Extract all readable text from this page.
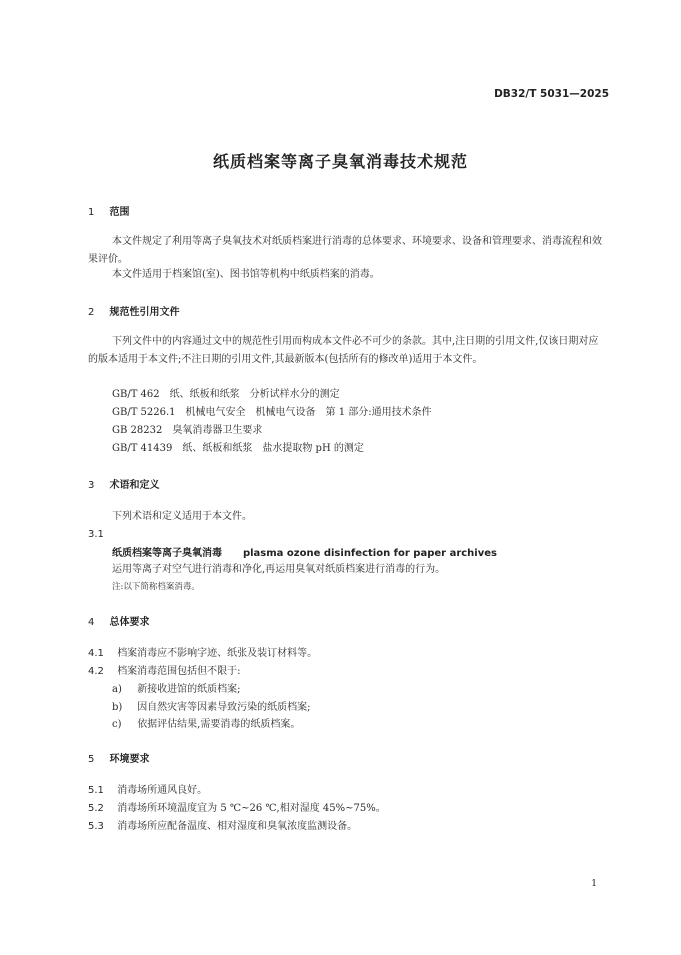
DB32/T 5031—2025
纸质档案等离子臭氧消毒技术规范
1 范围
本文件规定了利用等离子臭氧技术对纸质档案进行消毒的总体要求、环境要求、设备和管理要求、消毒流程和效果评价。
本文件适用于档案馆(室)、图书馆等机构中纸质档案的消毒。
2 规范性引用文件
下列文件中的内容通过文中的规范性引用而构成本文件必不可少的条款。其中,注日期的引用文件,仅该日期对应的版本适用于本文件;不注日期的引用文件,其最新版本(包括所有的修改单)适用于本文件。
GB/T 462　纸、纸板和纸浆　分析试样水分的测定
GB/T 5226.1　机械电气安全　机械电气设备　第 1 部分:通用技术条件
GB 28232　臭氧消毒器卫生要求
GB/T 41439　纸、纸板和纸浆　盐水提取物 pH 的测定
3 术语和定义
下列术语和定义适用于本文件。
3.1
纸质档案等离子臭氧消毒 plasma ozone disinfection for paper archives
运用等离子对空气进行消毒和净化,再运用臭氧对纸质档案进行消毒的行为。
注:以下简称档案消毒。
4 总体要求
4.1 档案消毒应不影响字迹、纸张及装订材料等。
4.2 档案消毒范围包括但不限于:
a) 新接收进馆的纸质档案;
b) 因自然灾害等因素导致污染的纸质档案;
c) 依据评估结果,需要消毒的纸质档案。
5 环境要求
5.1 消毒场所通风良好。
5.2 消毒场所环境温度宜为 5 ℃~26 ℃,相对湿度 45%~75%。
5.3 消毒场所应配备温度、相对湿度和臭氧浓度监测设备。
1
